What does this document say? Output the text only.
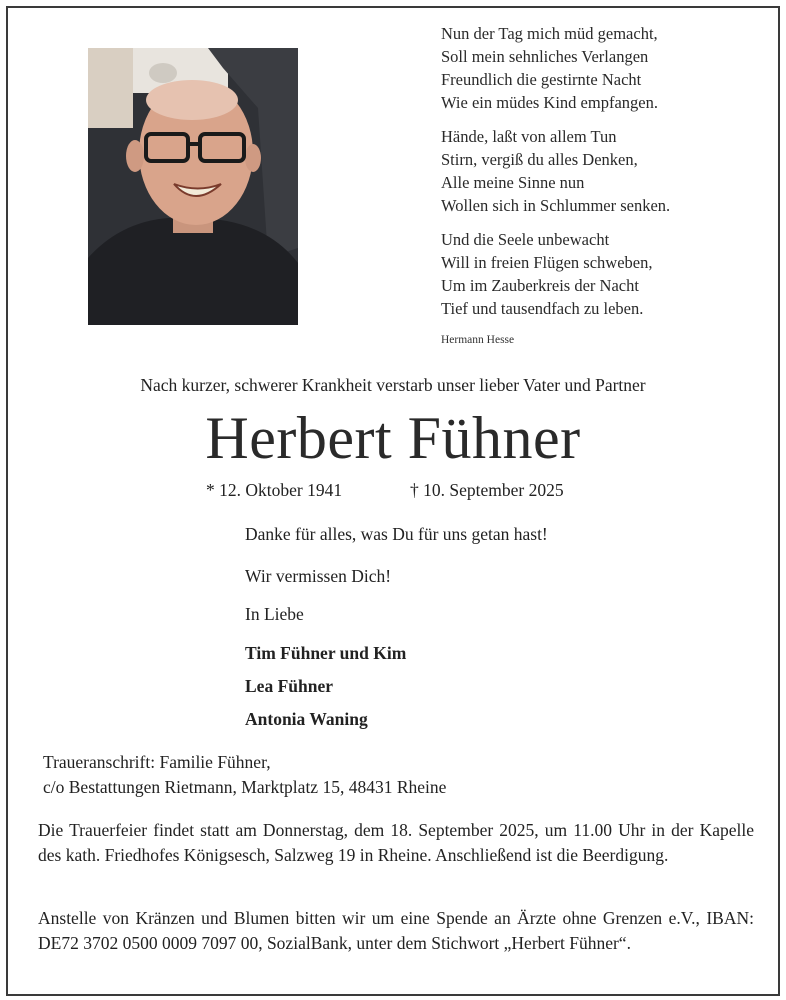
Nun der Tag mich müd gemacht,
Soll mein sehnliches Verlangen
Freundlich die gestirnte Nacht
Wie ein müdes Kind empfangen.
Hände, laßt von allem Tun
Stirn, vergiß du alles Denken,
Alle meine Sinne nun
Wollen sich in Schlummer senken.
Und die Seele unbewacht
Will in freien Flügen schweben,
Um im Zauberkreis der Nacht
Tief und tausendfach zu leben.
Hermann Hesse
Nach kurzer, schwerer Krankheit verstarb unser lieber Vater und Partner
Herbert Fühner
* 12. Oktober 1941	† 10. September 2025
Danke für alles, was Du für uns getan hast!
Wir vermissen Dich!
In Liebe
Tim Fühner und Kim
Lea Fühner
Antonia Waning
Traueranschrift: Familie Fühner,
c/o Bestattungen Rietmann, Marktplatz 15, 48431 Rheine
Die Trauerfeier findet statt am Donnerstag, dem 18. September 2025, um 11.00 Uhr in der Kapelle des kath. Friedhofes Königsesch, Salzweg 19 in Rheine. Anschließend ist die Beerdigung.
Anstelle von Kränzen und Blumen bitten wir um eine Spende an Ärzte ohne Grenzen e.V., IBAN: DE72 3702 0500 0009 7097 00, SozialBank, unter dem Stichwort „Herbert Fühner“.
